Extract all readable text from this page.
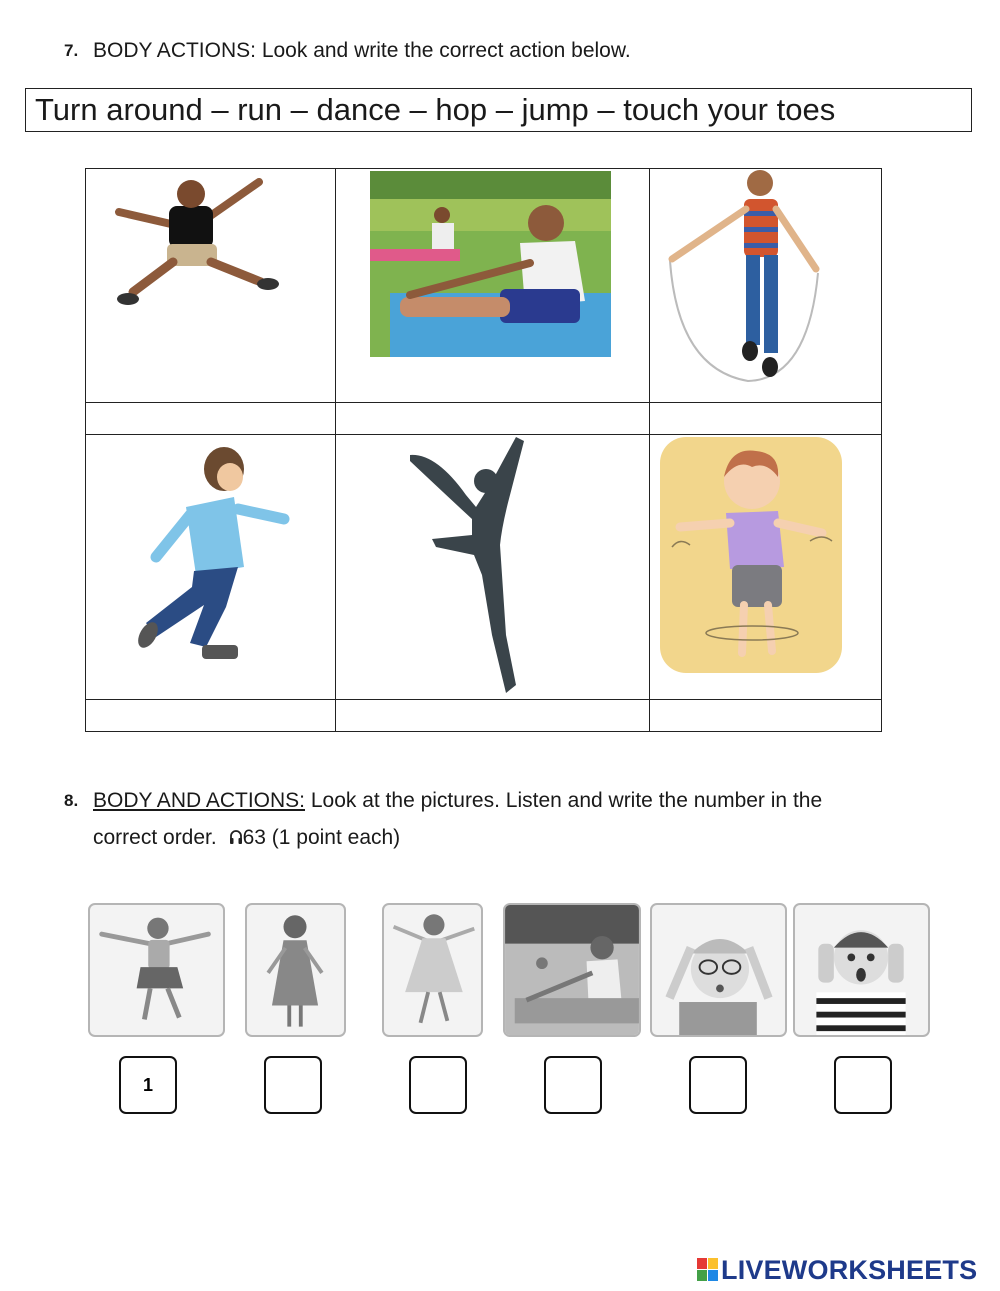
7. BODY ACTIONS: Look and write the correct action below.
Turn around – run – dance – hop – jump – touch your toes

8. BODY AND ACTIONS: Look at the pictures. Listen and write the number in the
correct order. 63 (1 point each)
1
LIVEWORKSHEETS
